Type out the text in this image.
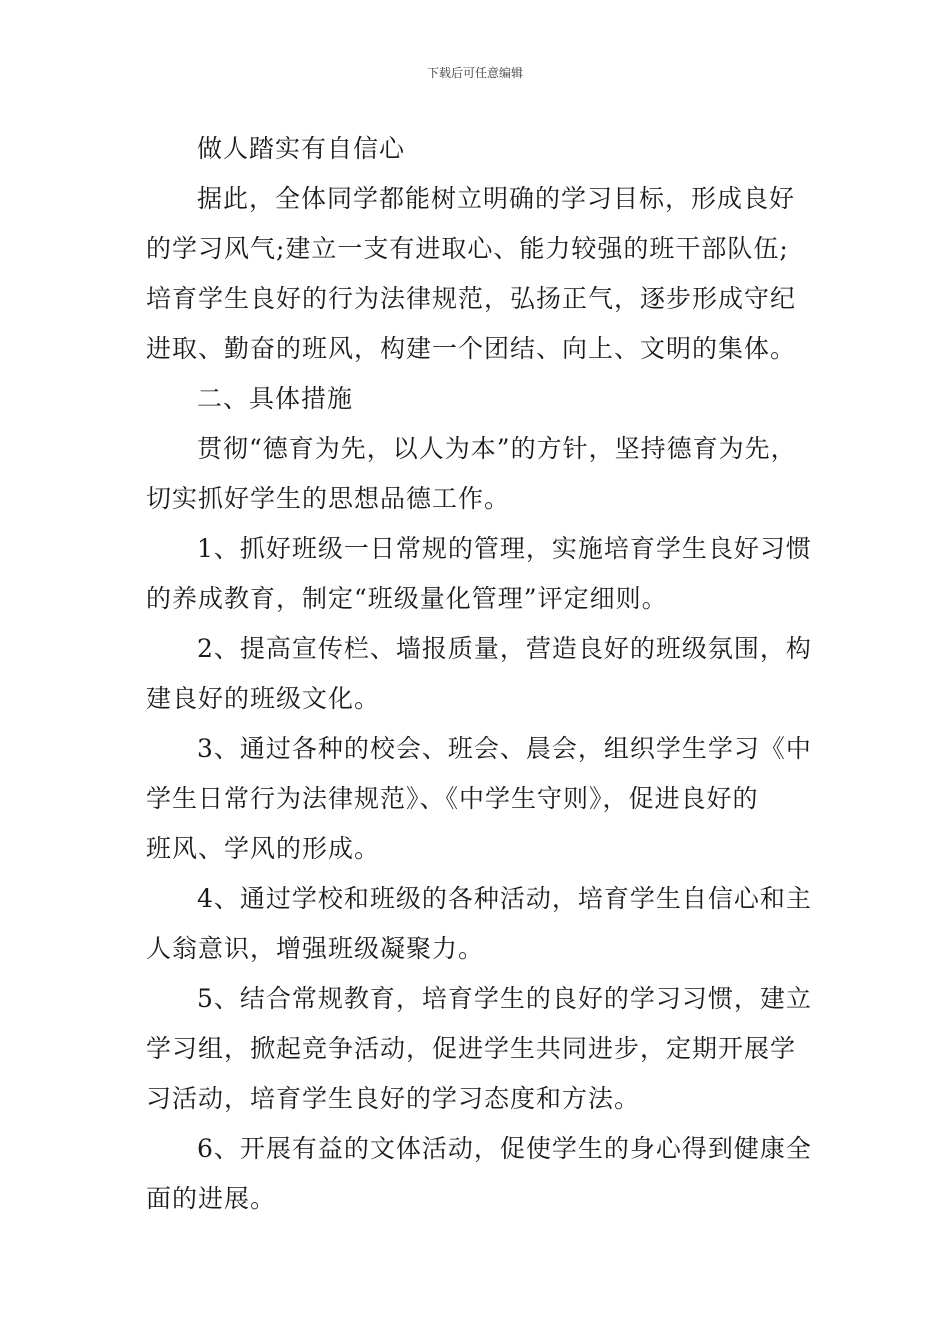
下载后可任意编辑
做人踏实有自信心
据此，全体同学都能树立明确的学习目标，形成良好
的学习风气;建立一支有进取心、能力较强的班干部队伍;
培育学生良好的行为法律规范，弘扬正气，逐步形成守纪
进取、勤奋的班风，构建一个团结、向上、文明的集体。
二、具体措施
贯彻“德育为先，以人为本”的方针，坚持德育为先，
切实抓好学生的思想品德工作。
1、抓好班级一日常规的管理，实施培育学生良好习惯
的养成教育，制定“班级量化管理”评定细则。
2、提高宣传栏、墙报质量，营造良好的班级氛围，构
建良好的班级文化。
3、通过各种的校会、班会、晨会，组织学生学习《中
学生日常行为法律规范》、《中学生守则》，促进良好的
班风、学风的形成。
4、通过学校和班级的各种活动，培育学生自信心和主
人翁意识，增强班级凝聚力。
5、结合常规教育，培育学生的良好的学习习惯，建立
学习组，掀起竞争活动，促进学生共同进步，定期开展学
习活动，培育学生良好的学习态度和方法。
6、开展有益的文体活动，促使学生的身心得到健康全
面的进展。
